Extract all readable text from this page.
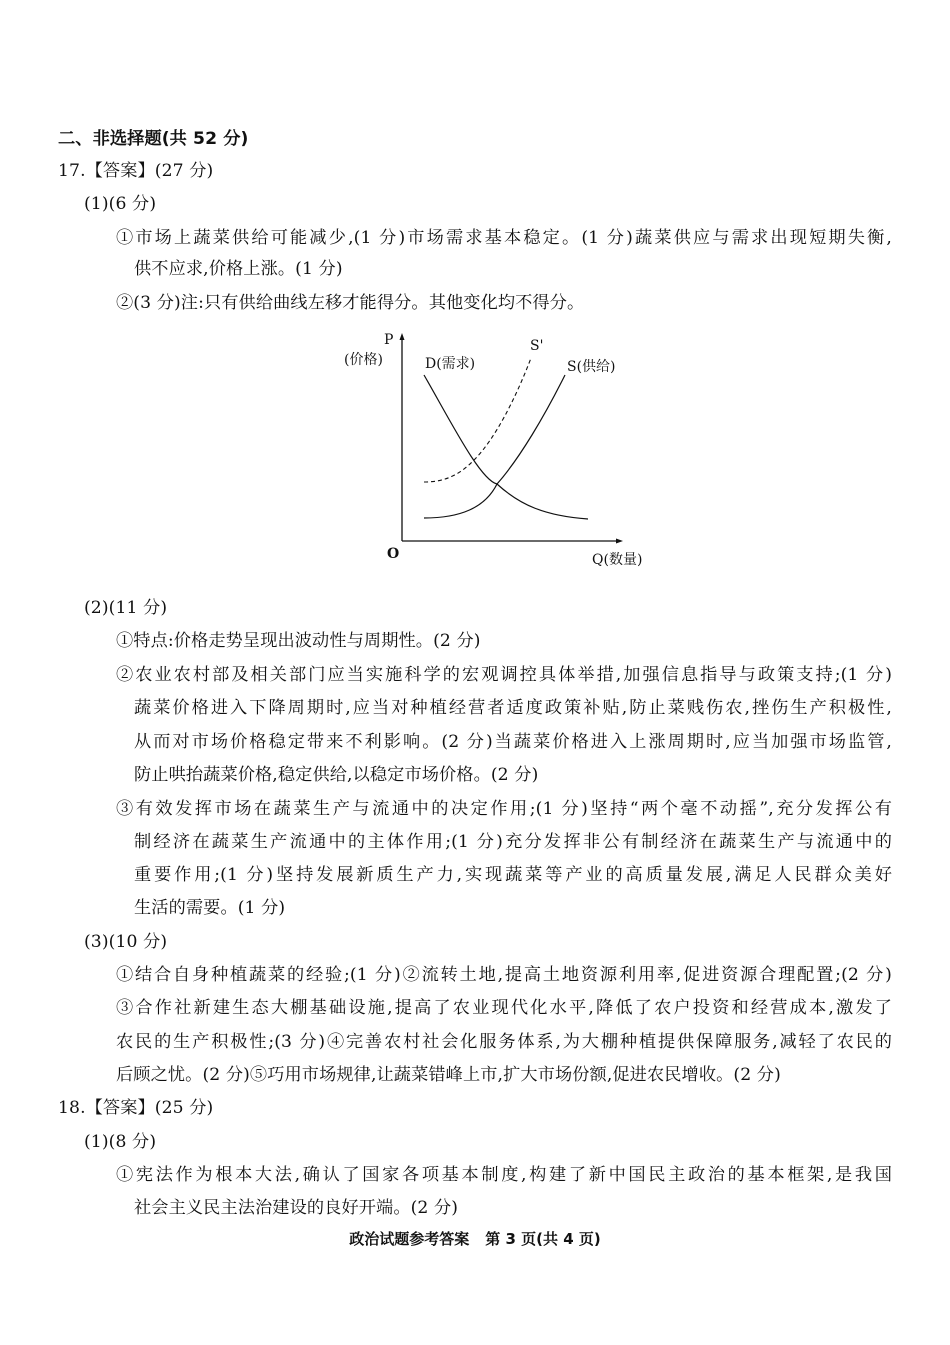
二、非选择题(共 52 分)
17.【答案】(27 分)
(1)(6 分)
①市场上蔬菜供给可能减少,(1 分)市场需求基本稳定。(1 分)蔬菜供应与需求出现短期失衡,
供不应求,价格上涨。(1 分)
②(3 分)注:只有供给曲线左移才能得分。其他变化均不得分。
P
(价格)	D(需求)
S'
S(供给)
O	Q(数量)
(2)(11 分)
①特点:价格走势呈现出波动性与周期性。(2 分)
②农业农村部及相关部门应当实施科学的宏观调控具体举措,加强信息指导与政策支持;(1 分)
蔬菜价格进入下降周期时,应当对种植经营者适度政策补贴,防止菜贱伤农,挫伤生产积极性,
从而对市场价格稳定带来不利影响。(2 分)当蔬菜价格进入上涨周期时,应当加强市场监管,
防止哄抬蔬菜价格,稳定供给,以稳定市场价格。(2 分)
③有效发挥市场在蔬菜生产与流通中的决定作用;(1 分)坚持“两个毫不动摇”,充分发挥公有
制经济在蔬菜生产流通中的主体作用;(1 分)充分发挥非公有制经济在蔬菜生产与流通中的
重要作用;(1 分)坚持发展新质生产力,实现蔬菜等产业的高质量发展,满足人民群众美好
生活的需要。(1 分)
(3)(10 分)
①结合自身种植蔬菜的经验;(1 分)②流转土地,提高土地资源利用率,促进资源合理配置;(2 分)
③合作社新建生态大棚基础设施,提高了农业现代化水平,降低了农户投资和经营成本,激发了
农民的生产积极性;(3 分)④完善农村社会化服务体系,为大棚种植提供保障服务,减轻了农民的
后顾之忧。(2 分)⑤巧用市场规律,让蔬菜错峰上市,扩大市场份额,促进农民增收。(2 分)
18.【答案】(25 分)
(1)(8 分)
①宪法作为根本大法,确认了国家各项基本制度,构建了新中国民主政治的基本框架,是我国
社会主义民主法治建设的良好开端。(2 分)
政治试题参考答案 第 3 页(共 4 页)
